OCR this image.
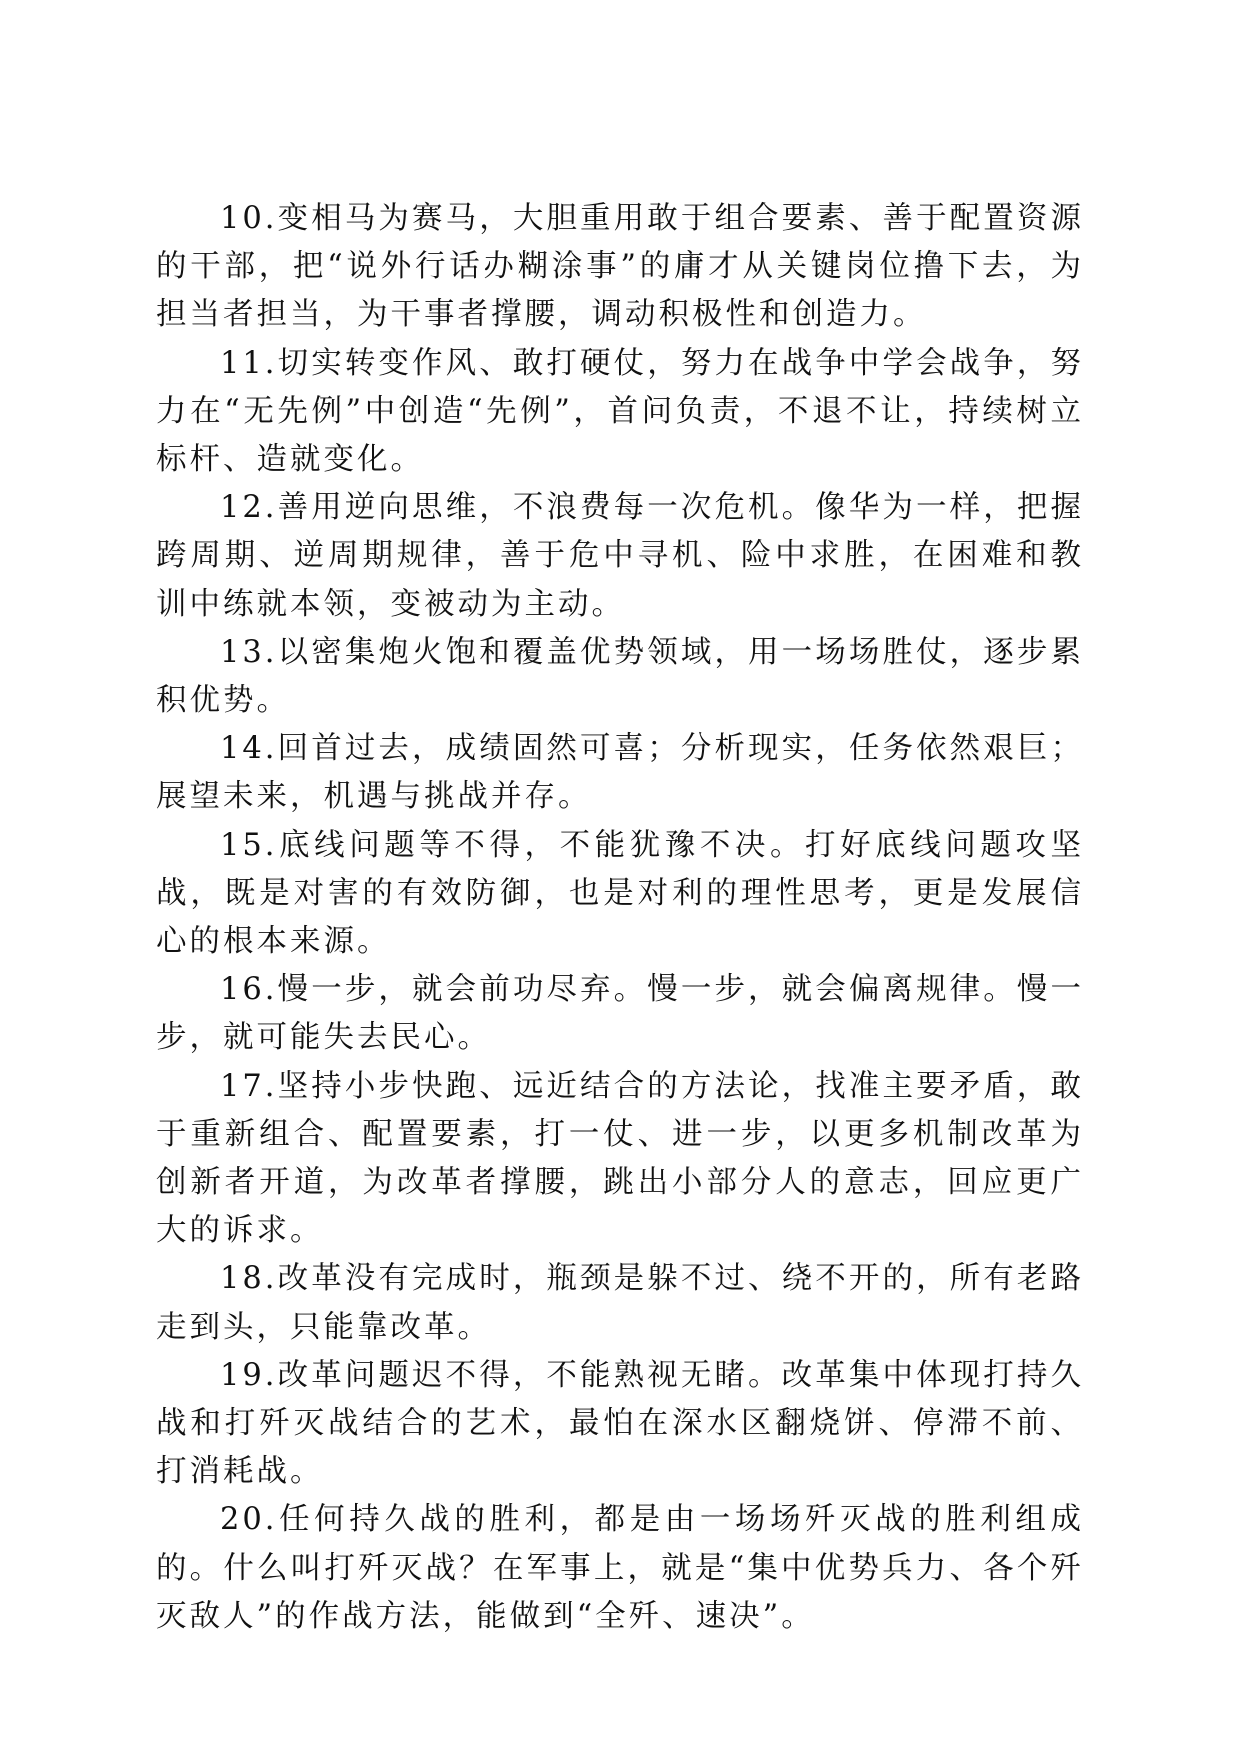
10.变相马为赛马，大胆重用敢于组合要素、善于配置资源的干部，把“说外行话办糊涂事”的庸才从关键岗位撸下去，为担当者担当，为干事者撑腰，调动积极性和创造力。

11.切实转变作风、敢打硬仗，努力在战争中学会战争，努力在“无先例”中创造“先例”，首问负责，不退不让，持续树立标杆、造就变化。

12.善用逆向思维，不浪费每一次危机。像华为一样，把握跨周期、逆周期规律，善于危中寻机、险中求胜，在困难和教训中练就本领，变被动为主动。

13.以密集炮火饱和覆盖优势领域，用一场场胜仗，逐步累积优势。

14.回首过去，成绩固然可喜；分析现实，任务依然艰巨；展望未来，机遇与挑战并存。

15.底线问题等不得，不能犹豫不决。打好底线问题攻坚战，既是对害的有效防御，也是对利的理性思考，更是发展信心的根本来源。

16.慢一步，就会前功尽弃。慢一步，就会偏离规律。慢一步，就可能失去民心。

17.坚持小步快跑、远近结合的方法论，找准主要矛盾，敢于重新组合、配置要素，打一仗、进一步，以更多机制改革为创新者开道，为改革者撑腰，跳出小部分人的意志，回应更广大的诉求。

18.改革没有完成时，瓶颈是躲不过、绕不开的，所有老路走到头，只能靠改革。

19.改革问题迟不得，不能熟视无睹。改革集中体现打持久战和打歼灭战结合的艺术，最怕在深水区翻烧饼、停滞不前、打消耗战。

20.任何持久战的胜利，都是由一场场歼灭战的胜利组成的。什么叫打歼灭战？在军事上，就是“集中优势兵力、各个歼灭敌人”的作战方法，能做到“全歼、速决”。
